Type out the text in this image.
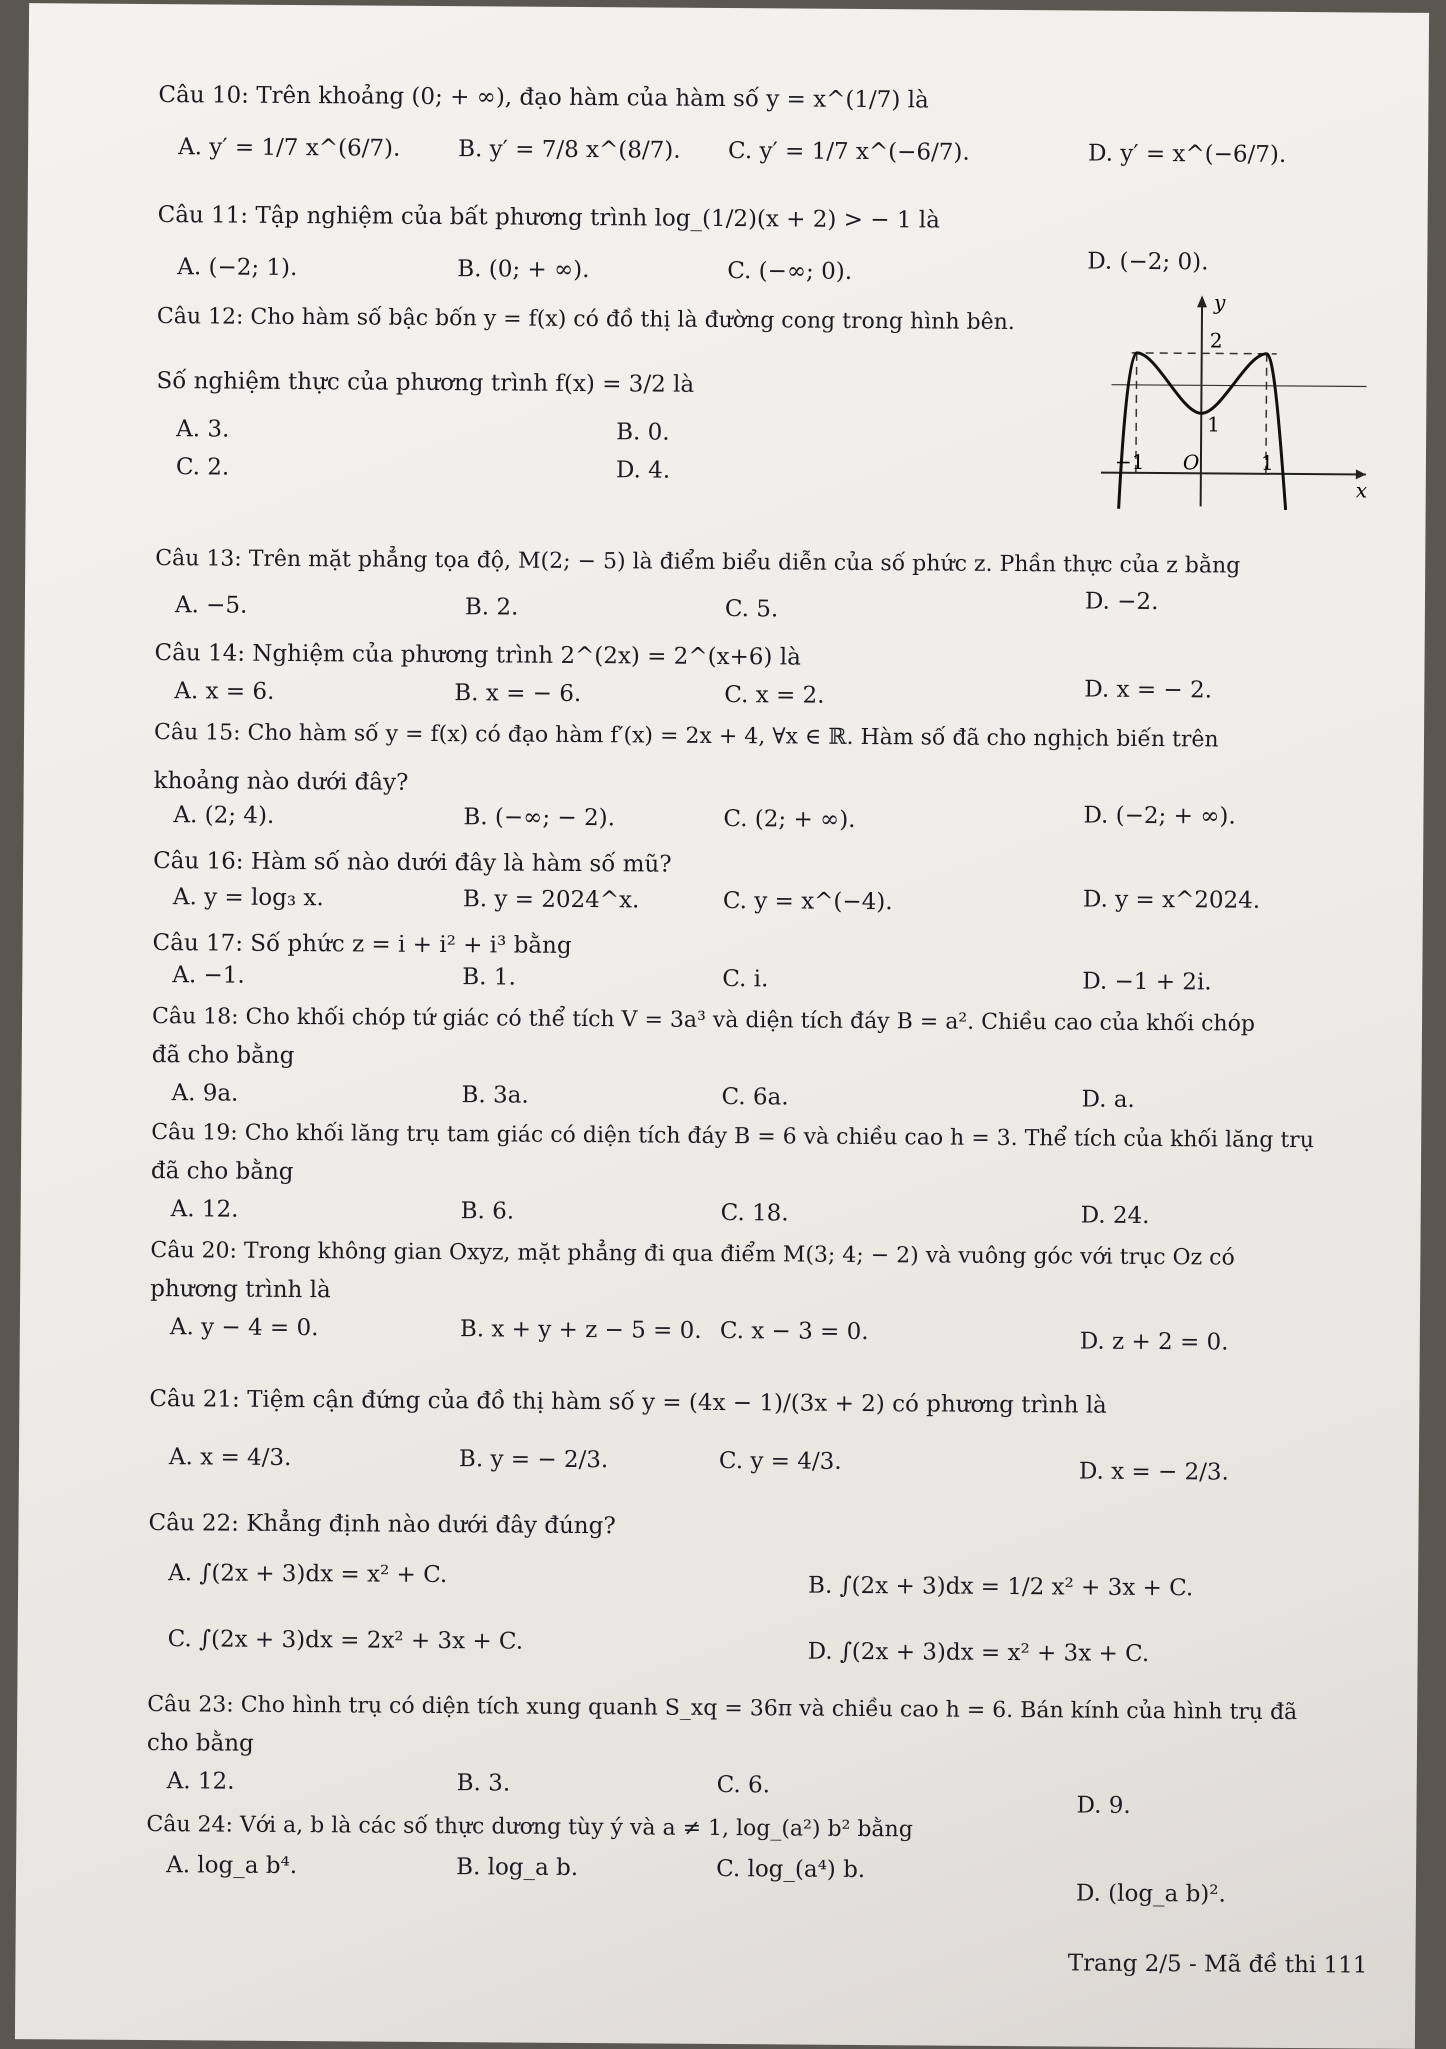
Câu 10: Trên khoảng (0; + ∞), đạo hàm của hàm số y = x^(1/7) là
A. y′ = 1/7 x^(6/7).	B. y′ = 7/8 x^(8/7). C. y′ = 1/7 x^(−6/7).	D. y′ = x^(−6/7).
Câu 11: Tập nghiệm của bất phương trình log_(1/2)(x + 2) > − 1 là
A. (−2; 1).	B. (0; + ∞).	C. (−∞; 0).	D. (−2; 0).
Câu 12: Cho hàm số bậc bốn y = f(x) có đồ thị là đường cong trong hình bên.
Số nghiệm thực của phương trình f(x) = 3/2 là
A. 3.	B. 0.
C. 2.	D. 4.
y
x
2
1
−1 O	1
Câu 13: Trên mặt phẳng tọa độ, M(2; − 5) là điểm biểu diễn của số phức z. Phần thực của z bằng
A. −5.	B. 2.	C. 5.	D. −2.
Câu 14: Nghiệm của phương trình 2^(2x) = 2^(x+6) là
A. x = 6.	B. x = − 6.	C. x = 2.	D. x = − 2.
Câu 15: Cho hàm số y = f(x) có đạo hàm f′(x) = 2x + 4, ∀x ∈ ℝ. Hàm số đã cho nghịch biến trên
khoảng nào dưới đây?
A. (2; 4).	B. (−∞; − 2).	C. (2; + ∞).	D. (−2; + ∞).
Câu 16: Hàm số nào dưới đây là hàm số mũ?
A. y = log₃ x.	B. y = 2024^x.	C. y = x^(−4).	D. y = x^2024.
Câu 17: Số phức z = i + i² + i³ bằng
A. −1.	B. 1.	C. i.	D. −1 + 2i.
Câu 18: Cho khối chóp tứ giác có thể tích V = 3a³ và diện tích đáy B = a². Chiều cao của khối chóp
đã cho bằng
A. 9a.	B. 3a.	C. 6a.	D. a.
Câu 19: Cho khối lăng trụ tam giác có diện tích đáy B = 6 và chiều cao h = 3. Thể tích của khối lăng trụ
đã cho bằng
A. 12.	B. 6.	C. 18.	D. 24.
Câu 20: Trong không gian Oxyz, mặt phẳng đi qua điểm M(3; 4; − 2) và vuông góc với trục Oz có
phương trình là
A. y − 4 = 0.	B. x + y + z − 5 = 0. C. x − 3 = 0.	D. z + 2 = 0.
Câu 21: Tiệm cận đứng của đồ thị hàm số y = (4x − 1)/(3x + 2) có phương trình là
A. x = 4/3.	B. y = − 2/3.	C. y = 4/3.	D. x = − 2/3.
Câu 22: Khẳng định nào dưới đây đúng?
A. ∫(2x + 3)dx = x² + C.	B. ∫(2x + 3)dx = 1/2 x² + 3x + C.
C. ∫(2x + 3)dx = 2x² + 3x + C.	D. ∫(2x + 3)dx = x² + 3x + C.
Câu 23: Cho hình trụ có diện tích xung quanh S_xq = 36π và chiều cao h = 6. Bán kính của hình trụ đã
cho bằng
A. 12.	B. 3.	C. 6.
D. 9.
Câu 24: Với a, b là các số thực dương tùy ý và a ≠ 1, log_(a²) b² bằng
A. log_a b⁴.	B. log_a b.	C. log_(a⁴) b.
D. (log_a b)².
Trang 2/5 - Mã đề thi 111
